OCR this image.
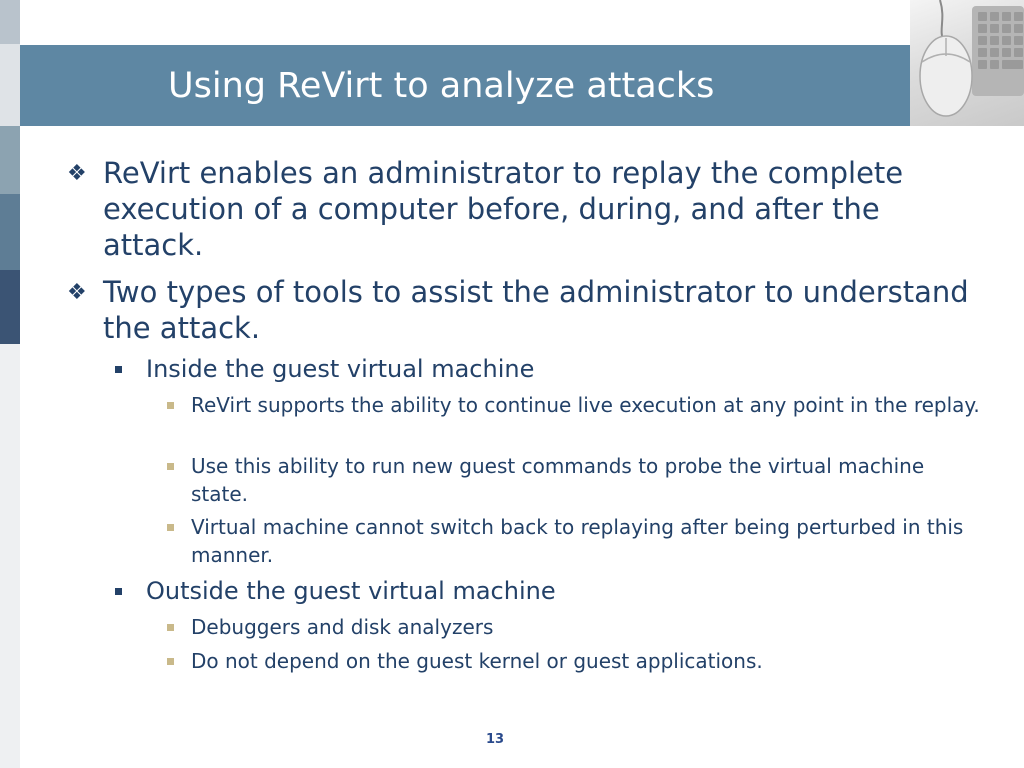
Using ReVirt to analyze attacks
❖ ReVirt enables an administrator to replay the complete execution of a computer before, during, and after the attack.
❖ Two types of tools to assist the administrator to understand the attack.
Inside the guest virtual machine
ReVirt supports the ability to continue live execution at any point in the replay.
Use this ability to run new guest commands to probe the virtual machine state.
Virtual machine cannot switch back to replaying after being perturbed in this manner.
Outside the guest virtual machine
Debuggers and disk analyzers
Do not depend on the guest kernel or guest applications.
13
